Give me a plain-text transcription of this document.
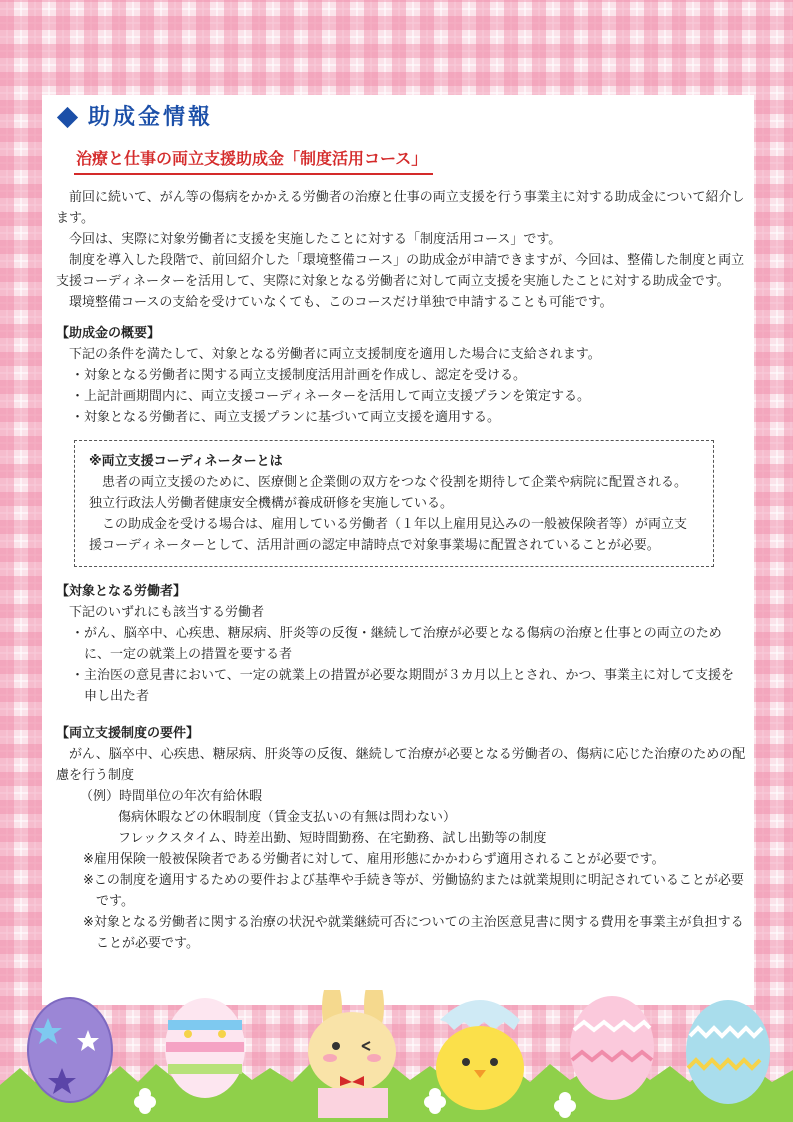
助成金情報
治療と仕事の両立支援助成金「制度活用コース」

前回に続いて、がん等の傷病をかかえる労働者の治療と仕事の両立支援を行う事業主に対する助成金について紹介します。

今回は、実際に対象労働者に支援を実施したことに対する「制度活用コース」です。

制度を導入した段階で、前回紹介した「環境整備コース」の助成金が申請できますが、今回は、整備した制度と両立支援コーディネーターを活用して、実際に対象となる労働者に対して両立支援を実施したことに対する助成金です。

環境整備コースの支給を受けていなくても、このコースだけ単独で申請することも可能です。

【助成金の概要】

下記の条件を満たして、対象となる労働者に両立支援制度を適用した場合に支給されます。

・対象となる労働者に関する両立支援制度活用計画を作成し、認定を受ける。

・上記計画期間内に、両立支援コーディネーターを活用して両立支援プランを策定する。

・対象となる労働者に、両立支援プランに基づいて両立支援を適用する。

※両立支援コーディネーターとは

患者の両立支援のために、医療側と企業側の双方をつなぐ役割を期待して企業や病院に配置される。独立行政法人労働者健康安全機構が養成研修を実施している。

この助成金を受ける場合は、雇用している労働者（１年以上雇用見込みの一般被保険者等）が両立支援コーディネーターとして、活用計画の認定申請時点で対象事業場に配置されていることが必要。

【対象となる労働者】

下記のいずれにも該当する労働者

・がん、脳卒中、心疾患、糖尿病、肝炎等の反復・継続して治療が必要となる傷病の治療と仕事との両立のために、一定の就業上の措置を要する者

・主治医の意見書において、一定の就業上の措置が必要な期間が３カ月以上とされ、かつ、事業主に対して支援を申し出た者

【両立支援制度の要件】

がん、脳卒中、心疾患、糖尿病、肝炎等の反復、継続して治療が必要となる労働者の、傷病に応じた治療のための配慮を行う制度

（例）時間単位の年次有給休暇

傷病休暇などの休暇制度（賃金支払いの有無は問わない）

フレックスタイム、時差出勤、短時間勤務、在宅勤務、試し出勤等の制度

※雇用保険一般被保険者である労働者に対して、雇用形態にかかわらず適用されることが必要です。

※この制度を適用するための要件および基準や手続き等が、労働協約または就業規則に明記されていることが必要です。

※対象となる労働者に関する治療の状況や就業継続可否についての主治医意見書に関する費用を事業主が負担することが必要です。
